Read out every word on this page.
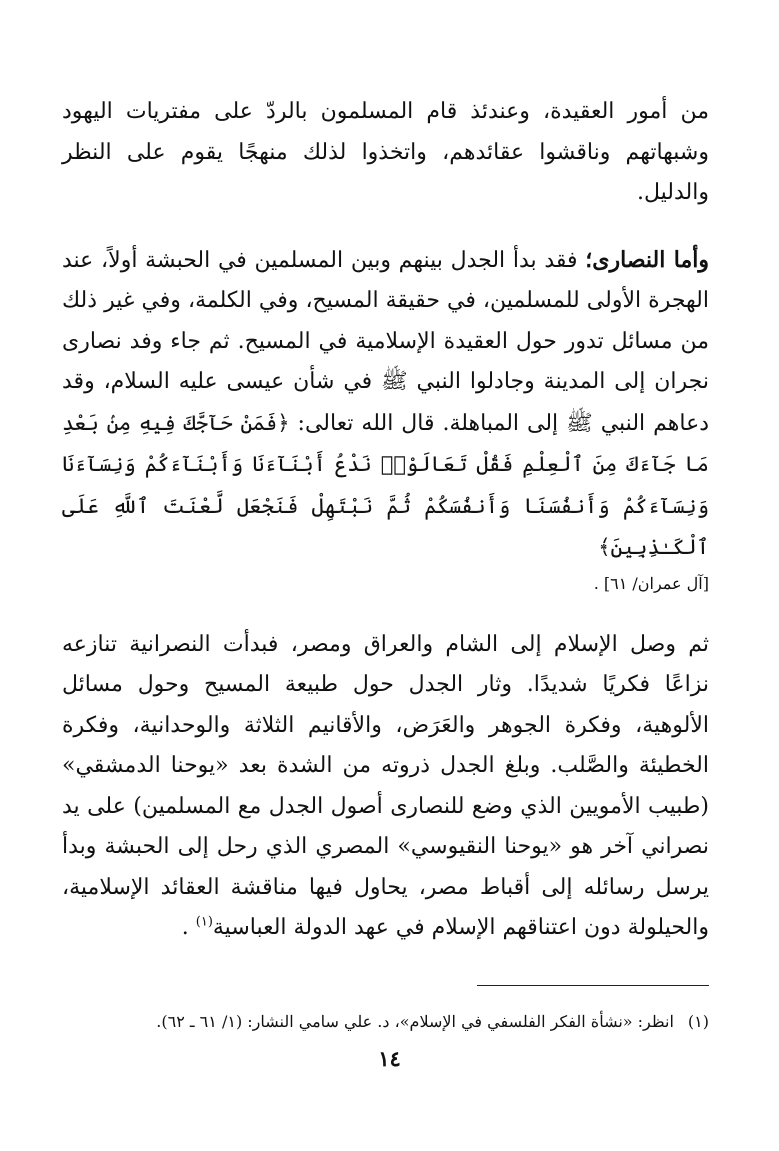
من أمور العقيدة، وعندئذ قام المسلمون بالردّ على مفتريات اليهود وشبهاتهم وناقشوا عقائدهم، واتخذوا لذلك منهجًا يقوم على النظر والدليل.

وأما النصارى؛ فقد بدأ الجدل بينهم وبين المسلمين في الحبشة أولاً، عند الهجرة الأولى للمسلمين، في حقيقة المسيح، وفي الكلمة، وفي غير ذلك من مسائل تدور حول العقيدة الإسلامية في المسيح. ثم جاء وفد نصارى نجران إلى المدينة وجادلوا النبي ﷺ في شأن عيسى عليه السلام، وقد دعاهم النبي ﷺ إلى المباهلة. قال الله تعالى: ﴿فَمَنْ حَآجَّكَ فِيهِ مِنۢ بَعْدِ مَا جَآءَكَ مِنَ ٱلْعِلْمِ فَقُلْ تَعَالَوْا۟ نَدْعُ أَبْنَآءَنَا وَأَبْنَآءَكُمْ وَنِسَآءَنَا وَنِسَآءَكُمْ وَأَنفُسَنَا وَأَنفُسَكُمْ ثُمَّ نَبْتَهِلْ فَنَجْعَل لَّعْنَتَ ٱللَّهِ عَلَى ٱلْكَـٰذِبِينَ﴾
[آل عمران/ ٦١] .

ثم وصل الإسلام إلى الشام والعراق ومصر، فبدأت النصرانية تنازعه نزاعًا فكريًا شديدًا. وثار الجدل حول طبيعة المسيح وحول مسائل الألوهية، وفكرة الجوهر والعَرَض، والأقانيم الثلاثة والوحدانية، وفكرة الخطيئة والصَّلب. وبلغ الجدل ذروته من الشدة بعد «يوحنا الدمشقي» (طبيب الأمويين الذي وضع للنصارى أصول الجدل مع المسلمين) على يد نصراني آخر هو «يوحنا النقيوسي» المصري الذي رحل إلى الحبشة وبدأ يرسل رسائله إلى أقباط مصر، يحاول فيها مناقشة العقائد الإسلامية، والحيلولة دون اعتناقهم الإسلام في عهد الدولة العباسية$^{(١)}$ .

(١)انظر: «نشأة الفكر الفلسفي في الإسلام»، د. علي سامي النشار: (١/ ٦١ ـ ٦٢).
١٤
